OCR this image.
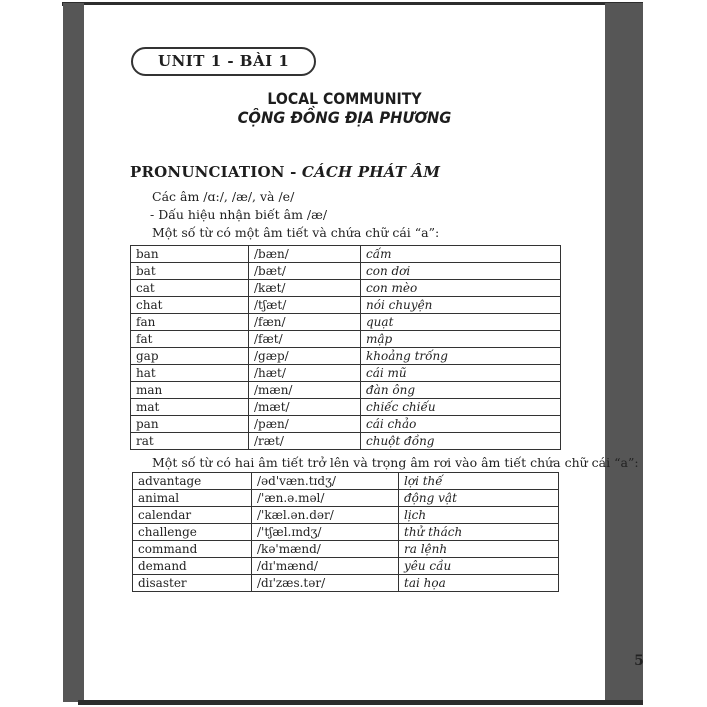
UNIT 1 - BÀI 1
LOCAL COMMUNITY
CỘNG ĐỒNG ĐỊA PHƯƠNG
PRONUNCIATION - CÁCH PHÁT ÂM
Các âm /ɑ:/, /æ/, và /e/
- Dấu hiệu nhận biết âm /æ/
Một số từ có một âm tiết và chứa chữ cái “a”:
ban	/bæn/	cấm
bat	/bæt/	con dơi
cat	/kæt/	con mèo
chat	/tʃæt/	nói chuyện
fan	/fæn/	quạt
fat	/fæt/	mập
gap	/gæp/	khoảng trống
hat	/hæt/	cái mũ
man	/mæn/	đàn ông
mat	/mæt/	chiếc chiếu
pan	/pæn/	cái chảo
rat	/ræt/	chuột đồng
Một số từ có hai âm tiết trở lên và trọng âm rơi vào âm tiết chứa chữ cái “a”:
advantage	/əd'væn.tɪdʒ/	lợi thế
animal	/'æn.ə.məl/	động vật
calendar	/'kæl.ən.dər/	lịch
challenge	/'tʃæl.ɪndʒ/	thử thách
command	/kə'mænd/	ra lệnh
demand	/dɪ'mænd/	yêu cầu
disaster	/dɪ'zæs.tər/	tai họa
5
